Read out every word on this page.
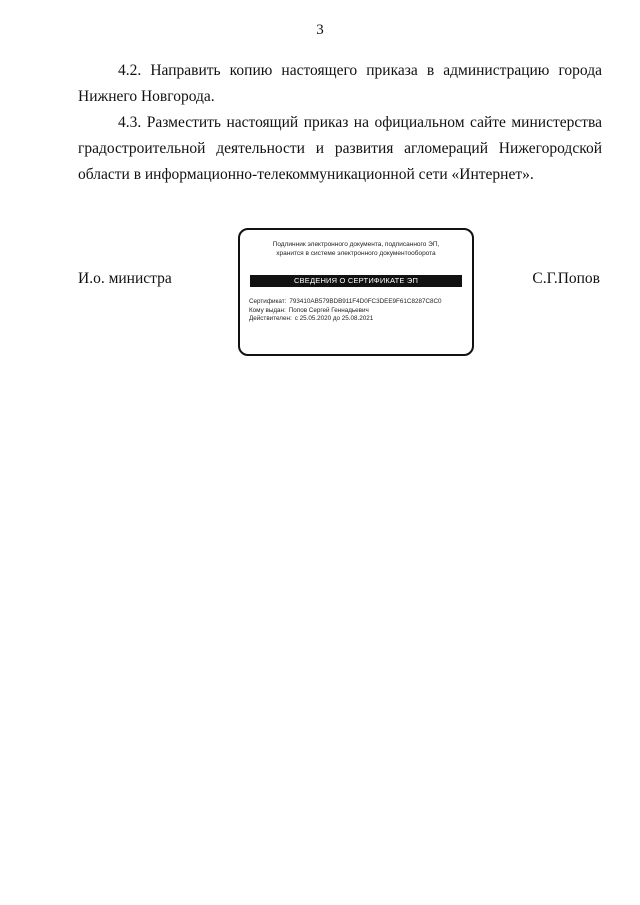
3

4.2. Направить копию настоящего приказа в администрацию города Нижнего Новгорода.

4.3. Разместить настоящий приказ на официальном сайте министерства градостроительной деятельности и развития агломераций Нижегородской области в информационно-телекоммуникационной сети «Интернет».

И.о. министра
Подлинник электронного документа, подписанного ЭП,
хранится в системе электронного документооборота
СВЕДЕНИЯ О СЕРТИФИКАТЕ ЭП
Сертификат: 793410AB579BDB911F4D0FC3DEE9F61C8287C8C0
Кому выдан: Попов Сергей Геннадьевич
Действителен: с 25.05.2020 до 25.08.2021
С.Г.Попов
